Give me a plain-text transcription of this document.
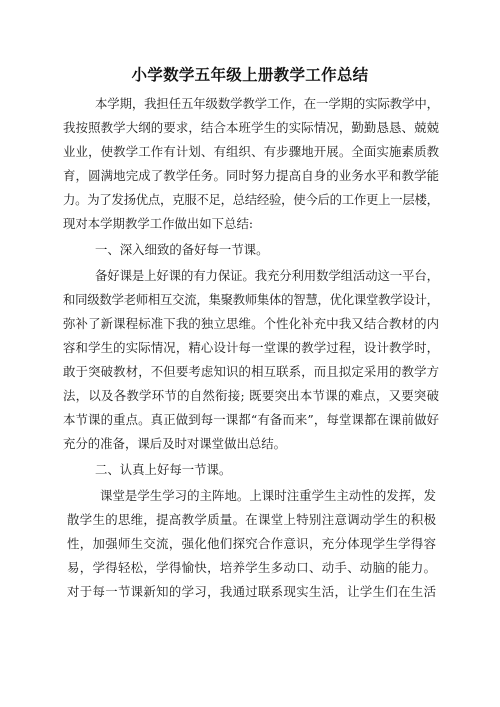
小学数学五年级上册教学工作总结
本学期，我担任五年级数学教学工作，在一学期的实际教学中，
我按照教学大纲的要求，结合本班学生的实际情况，勤勤恳恳、兢兢
业业，使教学工作有计划、有组织、有步骤地开展。全面实施素质教
育，圆满地完成了教学任务。同时努力提高自身的业务水平和教学能
力。为了发扬优点，克服不足，总结经验，使今后的工作更上一层楼，
现对本学期教学工作做出如下总结:
一、深入细致的备好每一节课。
备好课是上好课的有力保证。我充分利用数学组活动这一平台，
和同级数学老师相互交流，集聚教师集体的智慧，优化课堂教学设计，
弥补了新课程标准下我的独立思维。个性化补充中我又结合教材的内
容和学生的实际情况，精心设计每一堂课的教学过程，设计教学时，
敢于突破教材，不但要考虑知识的相互联系，而且拟定采用的教学方
法，以及各教学环节的自然衔接; 既要突出本节课的难点，又要突破
本节课的重点。真正做到每一课都“有备而来”，每堂课都在课前做好
充分的准备，课后及时对课堂做出总结。
二、认真上好每一节课。
课堂是学生学习的主阵地。上课时注重学生主动性的发挥，发
散学生的思维，提高教学质量。在课堂上特别注意调动学生的积极
性，加强师生交流，强化他们探究合作意识，充分体现学生学得容
易，学得轻松，学得愉快，培养学生多动口、动手、动脑的能力。
对于每一节课新知的学习，我通过联系现实生活，让学生们在生活
